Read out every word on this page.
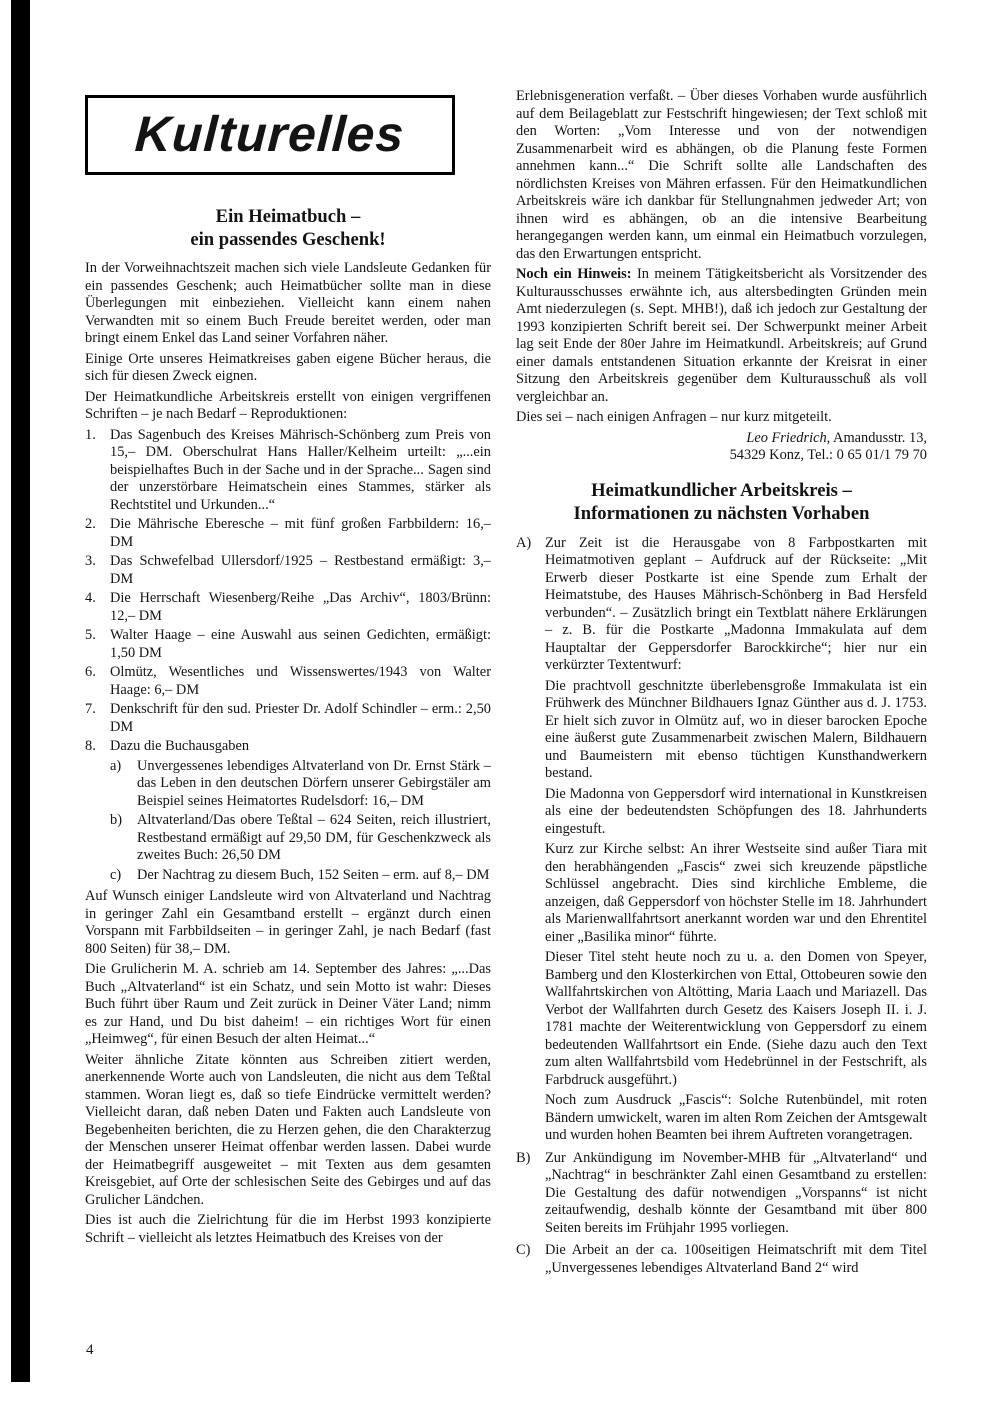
Kulturelles
Ein Heimatbuch –
ein passendes Geschenk!

In der Vorweihnachtszeit machen sich viele Landsleute Gedanken für ein passendes Geschenk; auch Heimatbücher sollte man in diese Überlegungen mit einbeziehen. Vielleicht kann einem nahen Verwandten mit so einem Buch Freude bereitet werden, oder man bringt einem Enkel das Land seiner Vorfahren näher.

Einige Orte unseres Heimatkreises gaben eigene Bücher heraus, die sich für diesen Zweck eignen.

Der Heimatkundliche Arbeitskreis erstellt von einigen vergriffenen Schriften – je nach Bedarf – Reproduktionen:

1. Das Sagenbuch des Kreises Mährisch-Schönberg zum Preis von 15,– DM. Oberschulrat Hans Haller/Kelheim urteilt: „...ein beispielhaftes Buch in der Sache und in der Sprache... Sagen sind der unzerstörbare Heimatschein eines Stammes, stärker als Rechtstitel und Urkunden...“
2. Die Mährische Eberesche – mit fünf großen Farbbildern: 16,– DM
3. Das Schwefelbad Ullersdorf/1925 – Restbestand ermäßigt: 3,– DM
4. Die Herrschaft Wiesenberg/Reihe „Das Archiv“, 1803/Brünn: 12,– DM
5. Walter Haage – eine Auswahl aus seinen Gedichten, ermäßigt: 1,50 DM
6. Olmütz, Wesentliches und Wissenswertes/1943 von Walter Haage: 6,– DM
7. Denkschrift für den sud. Priester Dr. Adolf Schindler – erm.: 2,50 DM
8. Dazu die Buchausgaben
a) Unvergessenes lebendiges Altvaterland von Dr. Ernst Stärk – das Leben in den deutschen Dörfern unserer Gebirgstäler am Beispiel seines Heimatortes Rudelsdorf: 16,– DM
b) Altvaterland/Das obere Teßtal – 624 Seiten, reich illustriert, Restbestand ermäßigt auf 29,50 DM, für Geschenkzweck als zweites Buch: 26,50 DM
c) Der Nachtrag zu diesem Buch, 152 Seiten – erm. auf 8,– DM

Auf Wunsch einiger Landsleute wird von Altvaterland und Nachtrag in geringer Zahl ein Gesamtband erstellt – ergänzt durch einen Vorspann mit Farbbildseiten – in geringer Zahl, je nach Bedarf (fast 800 Seiten) für 38,– DM.

Die Grulicherin M. A. schrieb am 14. September des Jahres: „...Das Buch „Altvaterland“ ist ein Schatz, und sein Motto ist wahr: Dieses Buch führt über Raum und Zeit zurück in Deiner Väter Land; nimm es zur Hand, und Du bist daheim! – ein richtiges Wort für einen „Heimweg“, für einen Besuch der alten Heimat...“

Weiter ähnliche Zitate könnten aus Schreiben zitiert werden, anerkennende Worte auch von Landsleuten, die nicht aus dem Teßtal stammen. Woran liegt es, daß so tiefe Eindrücke vermittelt werden? Vielleicht daran, daß neben Daten und Fakten auch Landsleute von Begebenheiten berichten, die zu Herzen gehen, die den Charakterzug der Menschen unserer Heimat offenbar werden lassen. Dabei wurde der Heimatbegriff ausgeweitet – mit Texten aus dem gesamten Kreisgebiet, auf Orte der schlesischen Seite des Gebirges und auf das Grulicher Ländchen.

Dies ist auch die Zielrichtung für die im Herbst 1993 konzipierte Schrift – vielleicht als letztes Heimatbuch des Kreises von der

Erlebnisgeneration verfaßt. – Über dieses Vorhaben wurde ausführlich auf dem Beilageblatt zur Festschrift hingewiesen; der Text schloß mit den Worten: „Vom Interesse und von der notwendigen Zusammenarbeit wird es abhängen, ob die Planung feste Formen annehmen kann...“ Die Schrift sollte alle Landschaften des nördlichsten Kreises von Mähren erfassen. Für den Heimatkundlichen Arbeitskreis wäre ich dankbar für Stellungnahmen jedweder Art; von ihnen wird es abhängen, ob an die intensive Bearbeitung herangegangen werden kann, um einmal ein Heimatbuch vorzulegen, das den Erwartungen entspricht.

Noch ein Hinweis: In meinem Tätigkeitsbericht als Vorsitzender des Kulturausschusses erwähnte ich, aus altersbedingten Gründen mein Amt niederzulegen (s. Sept. MHB!), daß ich jedoch zur Gestaltung der 1993 konzipierten Schrift bereit sei. Der Schwerpunkt meiner Arbeit lag seit Ende der 80er Jahre im Heimatkundl. Arbeitskreis; auf Grund einer damals entstandenen Situation erkannte der Kreisrat in einer Sitzung den Arbeitskreis gegenüber dem Kulturausschuß als voll vergleichbar an.

Dies sei – nach einigen Anfragen – nur kurz mitgeteilt.

Leo Friedrich, Amandusstr. 13,
54329 Konz, Tel.: 0 65 01/1 79 70
Heimatkundlicher Arbeitskreis –
Informationen zu nächsten Vorhaben
A) Zur Zeit ist die Herausgabe von 8 Farbpostkarten mit Heimatmotiven geplant – Aufdruck auf der Rückseite: „Mit Erwerb dieser Postkarte ist eine Spende zum Erhalt der Heimatstube, des Hauses Mährisch-Schönberg in Bad Hersfeld verbunden“. – Zusätzlich bringt ein Textblatt nähere Erklärungen – z. B. für die Postkarte „Madonna Immakulata auf dem Hauptaltar der Geppersdorfer Barockkirche“; hier nur ein verkürzter Textentwurf:

Die prachtvoll geschnitzte überlebensgroße Immakulata ist ein Frühwerk des Münchner Bildhauers Ignaz Günther aus d. J. 1753. Er hielt sich zuvor in Olmütz auf, wo in dieser barocken Epoche eine äußerst gute Zusammenarbeit zwischen Malern, Bildhauern und Baumeistern mit ebenso tüchtigen Kunsthandwerkern bestand.

Die Madonna von Geppersdorf wird international in Kunstkreisen als eine der bedeutendsten Schöpfungen des 18. Jahrhunderts eingestuft.

Kurz zur Kirche selbst: An ihrer Westseite sind außer Tiara mit den herabhängenden „Fascis“ zwei sich kreuzende päpstliche Schlüssel angebracht. Dies sind kirchliche Embleme, die anzeigen, daß Geppersdorf von höchster Stelle im 18. Jahrhundert als Marienwallfahrtsort anerkannt worden war und den Ehrentitel einer „Basilika minor“ führte.

Dieser Titel steht heute noch zu u. a. den Domen von Speyer, Bamberg und den Klosterkirchen von Ettal, Ottobeuren sowie den Wallfahrtskirchen von Altötting, Maria Laach und Mariazell. Das Verbot der Wallfahrten durch Gesetz des Kaisers Joseph II. i. J. 1781 machte der Weiterentwicklung von Geppersdorf zu einem bedeutenden Wallfahrtsort ein Ende. (Siehe dazu auch den Text zum alten Wallfahrtsbild vom Hedebrünnel in der Festschrift, als Farbdruck ausgeführt.)

Noch zum Ausdruck „Fascis“: Solche Rutenbündel, mit roten Bändern umwickelt, waren im alten Rom Zeichen der Amtsgewalt und wurden hohen Beamten bei ihrem Auftreten vorangetragen.

B) Zur Ankündigung im November-MHB für „Altvaterland“ und „Nachtrag“ in beschränkter Zahl einen Gesamtband zu erstellen: Die Gestaltung des dafür notwendigen „Vorspanns“ ist nicht zeitaufwendig, deshalb könnte der Gesamtband mit über 800 Seiten bereits im Frühjahr 1995 vorliegen.

C) Die Arbeit an der ca. 100seitigen Heimatschrift mit dem Titel „Unvergessenes lebendiges Altvaterland Band 2“ wird

4
